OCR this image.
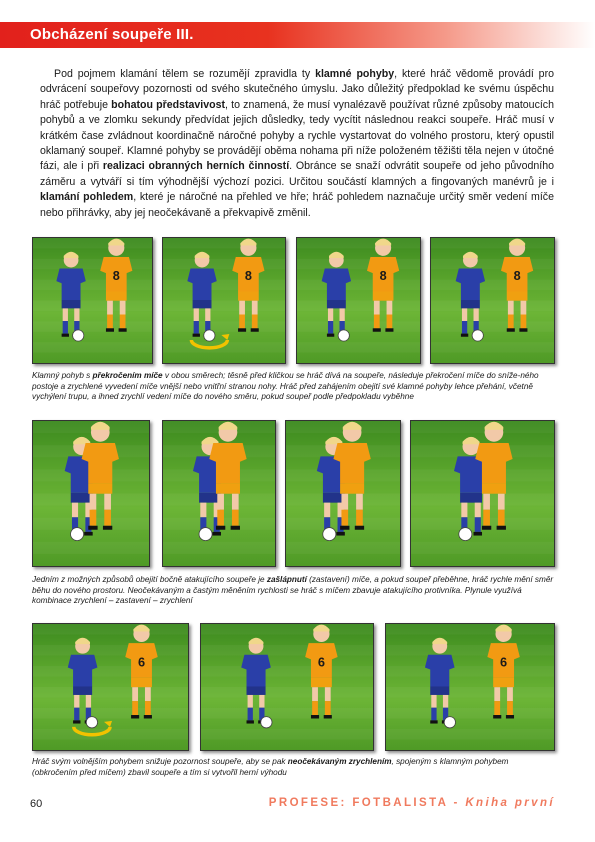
Obcházení soupeře III.

Pod pojmem klamání tělem se rozumějí zpravidla ty klamné pohyby, které hráč vědomě provádí pro odvrácení soupeřovy pozornosti od svého skutečného úmyslu. Jako důležitý předpoklad ke svému úspěchu hráč potřebuje bohatou představivost, to znamená, že musí vynalézavě používat různé způsoby matoucích pohybů a ve zlomku sekundy předvídat jejich důsledky, tedy vycítit následnou reakci soupeře. Hráč musí v krátkém čase zvládnout koordinačně náročné pohyby a rychle vystartovat do volného prostoru, který opustil oklamaný soupeř. Klamné pohyby se provádějí oběma nohama při níže položeném těžišti těla nejen v útočné fázi, ale i při realizaci obranných herních činností. Obránce se snaží odvrátit soupeře od jeho původního záměru a vytváří si tím výhodnější výchozí pozici. Určitou součástí klamných a fingovaných manévrů je i klamání pohledem, které je náročné na přehled ve hře; hráč pohledem naznačuje určitý směr vedení míče nebo přihrávky, aby jej neočekávaně a překvapivě změnil.

8	8	8	8

Klamný pohyb s překročením míče v obou směrech; těsně před kličkou se hráč dívá na soupeře, následuje překročení míče do sníže-ného postoje a zrychlené vyvedení míče vnější nebo vnitřní stranou nohy. Hráč před zahájením obejití své klamné pohyby lehce přehání, včetně vychýlení trupu, a ihned zrychlí vedení míče do nového směru, pokud soupeř podle předpokladu vyběhne

Jedním z možných způsobů obejití bočně atakujícího soupeře je zašlápnutí (zastavení) míče, a pokud soupeř přeběhne, hráč rychle mění směr běhu do nového prostoru. Neočekávaným a častým měněním rychlosti se hráč s míčem zbavuje atakujícího protivníka. Plynule využívá kombinace zrychlení – zastavení – zrychlení

6	6	6

Hráč svým volnějším pohybem snižuje pozornost soupeře, aby se pak neočekávaným zrychlením, spojeným s klamným pohybem (obkročením před míčem) zbavil soupeře a tím si vytvořil herní výhodu

60	PROFESE: FOTBALISTA - Kniha první
